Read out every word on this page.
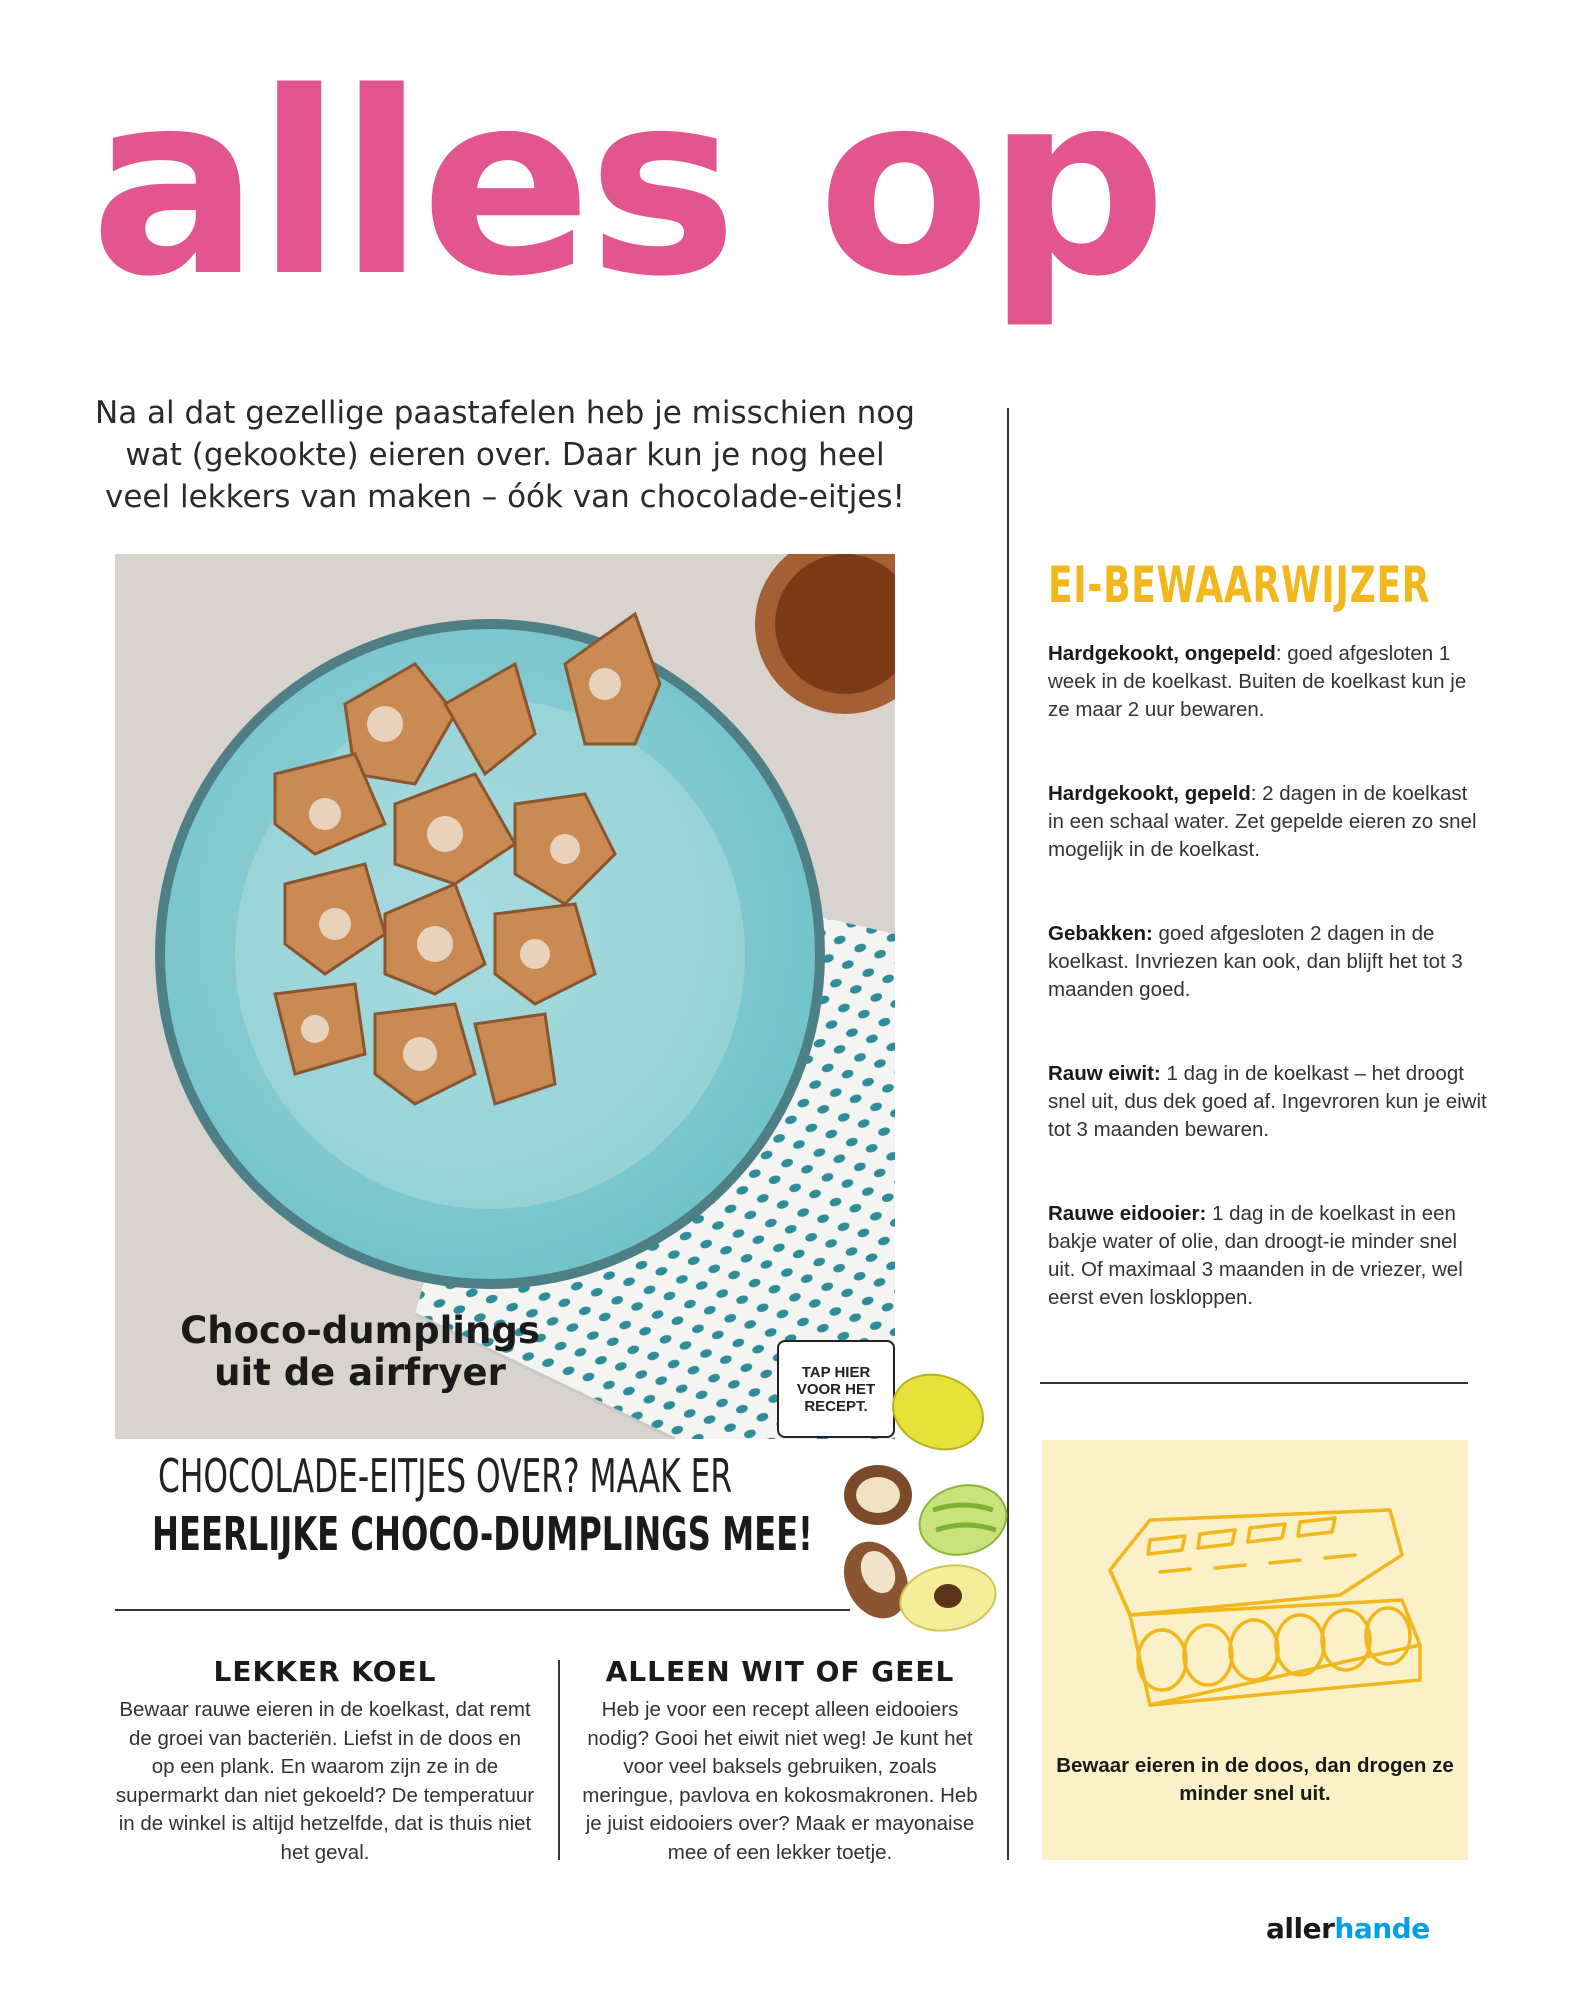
alles op

Na al dat gezellige paastafelen heb je misschien nog wat (gekookte) eieren over. Daar kun je nog heel veel lekkers van maken – óók van chocolade-eitjes!

Choco-dumplings
uit de airfryer	TAP HIER VOOR HET RECEPT.

CHOCOLADE-EITJES OVER? MAAK ER

HEERLIJKE CHOCO-DUMPLINGS MEE!

LEKKER KOEL

Bewaar rauwe eieren in de koelkast, dat remt de groei van bacteriën. Liefst in de doos en op een plank. En waarom zijn ze in de supermarkt dan niet gekoeld? De temperatuur in de winkel is altijd hetzelfde, dat is thuis niet het geval.

ALLEEN WIT OF GEEL

Heb je voor een recept alleen eidooiers nodig? Gooi het eiwit niet weg! Je kunt het voor veel baksels gebruiken, zoals meringue, pavlova en kokosmakronen. Heb je juist eidooiers over? Maak er mayonaise mee of een lekker toetje.

EI-BEWAARWIJZER

Hardgekookt, ongepeld: goed afgesloten 1 week in de koelkast. Buiten de koelkast kun je ze maar 2 uur bewaren.

Hardgekookt, gepeld: 2 dagen in de koelkast in een schaal water. Zet gepelde eieren zo snel mogelijk in de koelkast.

Gebakken: goed afgesloten 2 dagen in de koelkast. Invriezen kan ook, dan blijft het tot 3 maanden goed.

Rauw eiwit: 1 dag in de koelkast – het droogt snel uit, dus dek goed af. Ingevroren kun je eiwit tot 3 maanden bewaren.

Rauwe eidooier: 1 dag in de koelkast in een bakje water of olie, dan droogt-ie minder snel uit. Of maximaal 3 maanden in de vriezer, wel eerst even loskloppen.

Bewaar eieren in de doos, dan drogen ze minder snel uit.

allerhande
